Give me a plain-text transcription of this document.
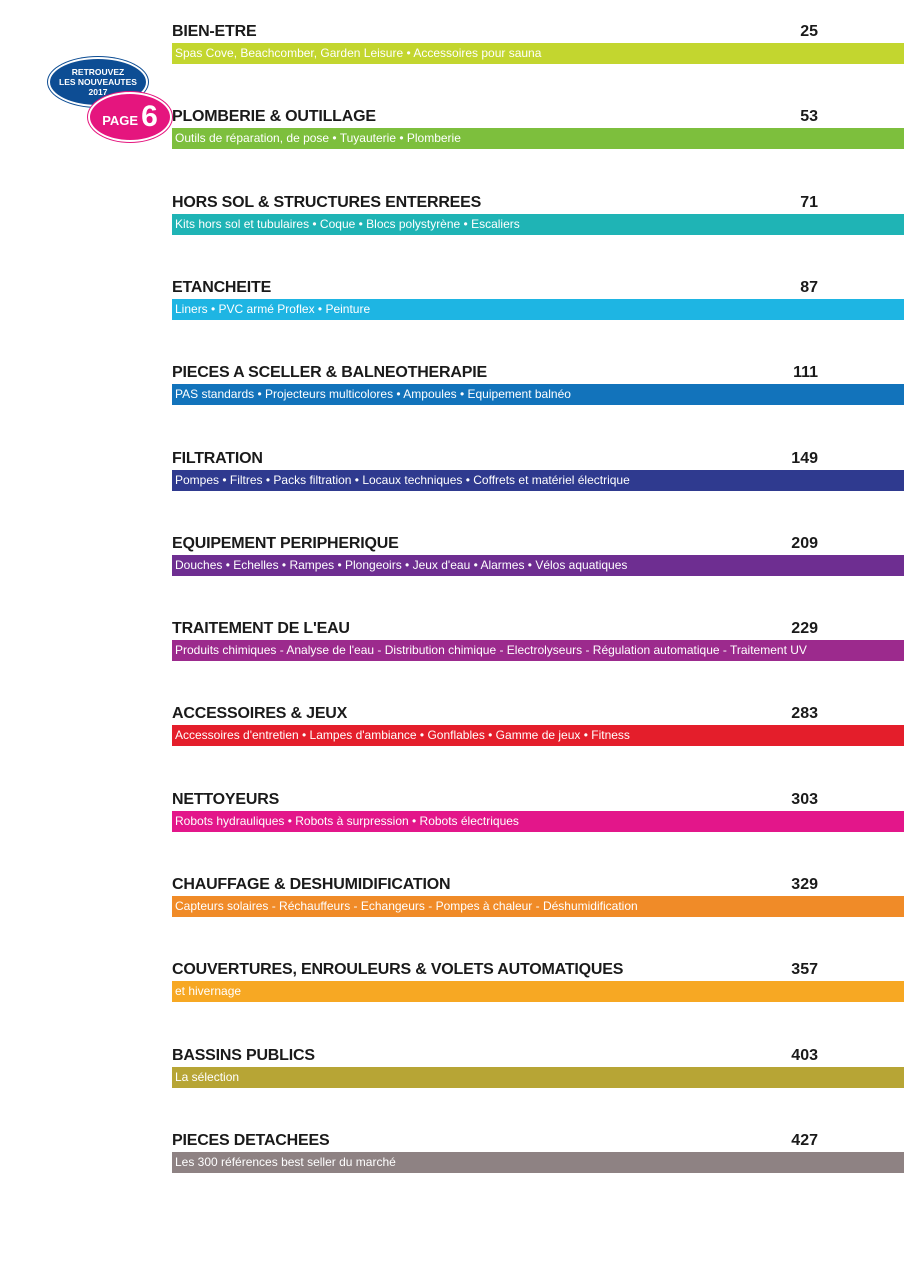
RETROUVEZ
LES NOUVEAUTES
2017
PAGE 6
BIEN-ETRE	25
Spas Cove, Beachcomber, Garden Leisure • Accessoires pour sauna
PLOMBERIE & OUTILLAGE	53
Outils de réparation, de pose • Tuyauterie • Plomberie
HORS SOL & STRUCTURES ENTERREES	71
Kits hors sol et tubulaires • Coque • Blocs polystyrène • Escaliers
ETANCHEITE	87
Liners • PVC armé Proflex • Peinture
PIECES A SCELLER & BALNEOTHERAPIE	111
PAS standards • Projecteurs multicolores • Ampoules • Equipement balnéo
FILTRATION	149
Pompes • Filtres • Packs filtration • Locaux techniques • Coffrets et matériel électrique
EQUIPEMENT PERIPHERIQUE	209
Douches • Echelles • Rampes • Plongeoirs • Jeux d'eau • Alarmes • Vélos aquatiques
TRAITEMENT DE L'EAU	229
Produits chimiques - Analyse de l'eau - Distribution chimique - Electrolyseurs - Régulation automatique - Traitement UV
ACCESSOIRES & JEUX	283
Accessoires d'entretien • Lampes d'ambiance • Gonflables • Gamme de jeux • Fitness
NETTOYEURS	303
Robots hydrauliques • Robots à surpression • Robots électriques
CHAUFFAGE & DESHUMIDIFICATION	329
Capteurs solaires - Réchauffeurs - Echangeurs - Pompes à chaleur - Déshumidification
COUVERTURES, ENROULEURS & VOLETS AUTOMATIQUES	357
et hivernage
BASSINS PUBLICS	403
La sélection
PIECES DETACHEES	427
Les 300 références best seller du marché
